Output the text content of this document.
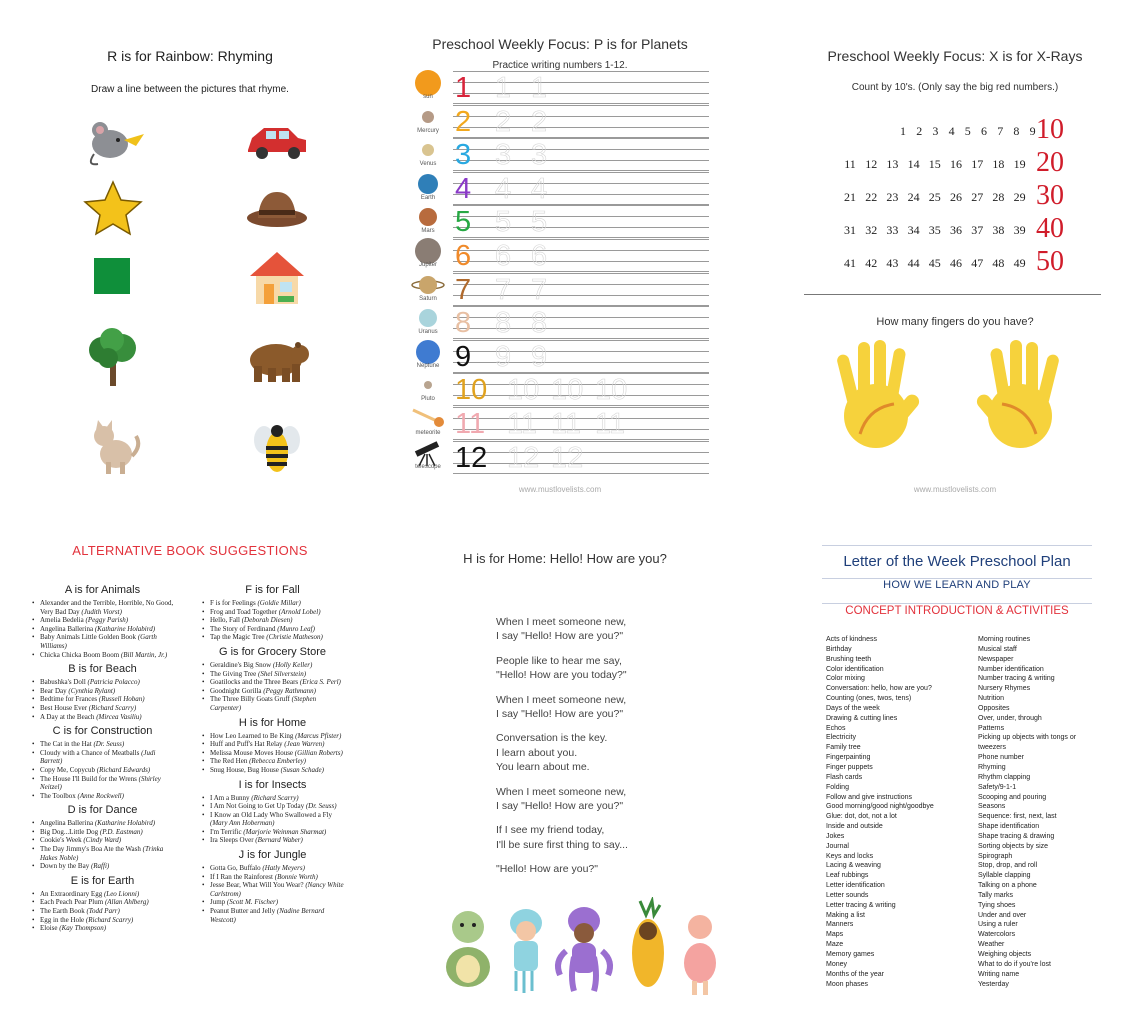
R is for Rainbow: Rhyming
Draw a line between the pictures that rhyme.
Preschool Weekly Focus: P is for Planets
Practice writing numbers 1-12.
sun 1 1 1
Mercury 2 2 2
Venus 3 3 3
Earth 4 4 4
Mars 5 5 5
Jupiter 6 6 6
Saturn 7 7 7
Uranus 8 8 8
Neptune 9 9 9
Pluto 10 10 10 10
meteorite 11 11 11 11
telescope 12 12 12
www.mustlovelists.com
Preschool Weekly Focus: X is for X-Rays
Count by 10's. (Only say the big red numbers.)
1 2 3 4 5 6 7 8 9 10
11 12 13 14 15 16 17 18 19 20
21 22 23 24 25 26 27 28 29 30
31 32 33 34 35 36 37 38 39 40
41 42 43 44 45 46 47 48 49 50
How many fingers do you have?
www.mustlovelists.com
ALTERNATIVE BOOK SUGGESTIONS
A is for Animals
• Alexander and the Terrible, Horrible, No Good, Very Bad Day (Judith Viorst)
• Amelia Bedelia (Peggy Parish)
• Angelina Ballerina (Katharine Holabird)
• Baby Animals Little Golden Book (Garth Williams)
• Chicka Chicka Boom Boom (Bill Martin, Jr.)
B is for Beach
• Babushka's Doll (Patricia Polacco)
• Bear Day (Cynthia Rylant)
• Bedtime for Frances (Russell Hoban)
• Best House Ever (Richard Scarry)
• A Day at the Beach (Mircea Vasiliu)
C is for Construction
• The Cat in the Hat (Dr. Seuss)
• Cloudy with a Chance of Meatballs (Judi Barrett)
• Copy Me, Copycub (Richard Edwards)
• The House I'll Build for the Wrens (Shirley Neitzel)
• The Toolbox (Anne Rockwell)
D is for Dance
• Angelina Ballerina (Katharine Holabird)
• Big Dog...Little Dog (P.D. Eastman)
• Cookie's Week (Cindy Ward)
• The Day Jimmy's Boa Ate the Wash (Trinka Hakes Noble)
• Down by the Bay (Raffi)
E is for Earth
• An Extraordinary Egg (Leo Lionni)
• Each Peach Pear Plum (Allan Ahlberg)
• The Earth Book (Todd Parr)
• Egg in the Hole (Richard Scarry)
• Eloise (Kay Thompson)
F is for Fall
• F is for Feelings (Goldie Millar)
• Frog and Toad Together (Arnold Lobel)
• Hello, Fall (Deborah Diesen)
• The Story of Ferdinand (Munro Leaf)
• Tap the Magic Tree (Christie Matheson)
G is for Grocery Store
• Geraldine's Big Snow (Holly Keller)
• The Giving Tree (Shel Silverstein)
• Goatilocks and the Three Bears (Erica S. Perl)
• Goodnight Gorilla (Peggy Rathmann)
• The Three Billy Goats Gruff (Stephen Carpenter)
H is for Home
• How Leo Learned to Be King (Marcus Pfister)
• Huff and Puff's Hat Relay (Jean Warren)
• Melissa Mouse Moves House (Gillian Roberts)
• The Red Hen (Rebecca Emberley)
• Snug House, Bug House (Susan Schade)
I is for Insects
• I Am a Bunny (Richard Scarry)
• I Am Not Going to Get Up Today (Dr. Seuss)
• I Know an Old Lady Who Swallowed a Fly (Mary Ann Hoberman)
• I'm Terrific (Marjorie Weinman Sharmat)
• Ira Sleeps Over (Bernard Waber)
J is for Jungle
• Gotta Go, Buffalo (Hatly Meyers)
• If I Ran the Rainforest (Bonnie Worth)
• Jesse Bear, What Will You Wear? (Nancy White Carlstrom)
• Jump (Scott M. Fischer)
• Peanut Butter and Jelly (Nadine Bernard Westcott)
H is for Home: Hello! How are you?

When I meet someone new,
I say "Hello! How are you?"

People like to hear me say,
"Hello! How are you today?"

When I meet someone new,
I say "Hello! How are you?"

Conversation is the key.
I learn about you.
You learn about me.

When I meet someone new,
I say "Hello! How are you?"

If I see my friend today,
I'll be sure first thing to say...

"Hello! How are you?"

Letter of the Week Preschool Plan
HOW WE LEARN AND PLAY
CONCEPT INTRODUCTION & ACTIVITIES
Acts of kindness
Birthday
Brushing teeth
Color identification
Color mixing
Conversation: hello, how are you?
Counting (ones, twos, tens)
Days of the week
Drawing & cutting lines
Echos
Electricity
Family tree
Fingerpainting
Finger puppets
Flash cards
Folding
Follow and give instructions
Good morning/good night/goodbye
Glue: dot, dot, not a lot
Inside and outside
Jokes
Journal
Keys and locks
Lacing & weaving
Leaf rubbings
Letter identification
Letter sounds
Letter tracing & writing
Making a list
Manners
Maps
Maze
Memory games
Money
Months of the year
Moon phases
Morning routines
Musical staff
Newspaper
Number identification
Number tracing & writing
Nursery Rhymes
Nutrition
Opposites
Over, under, through
Patterns
Picking up objects with tongs or tweezers
Phone number
Rhyming
Rhythm clapping
Safety/9-1-1
Scooping and pouring
Seasons
Sequence: first, next, last
Shape identification
Shape tracing & drawing
Sorting objects by size
Spirograph
Stop, drop, and roll
Syllable clapping
Talking on a phone
Tally marks
Tying shoes
Under and over
Using a ruler
Watercolors
Weather
Weighing objects
What to do if you're lost
Writing name
Yesterday
